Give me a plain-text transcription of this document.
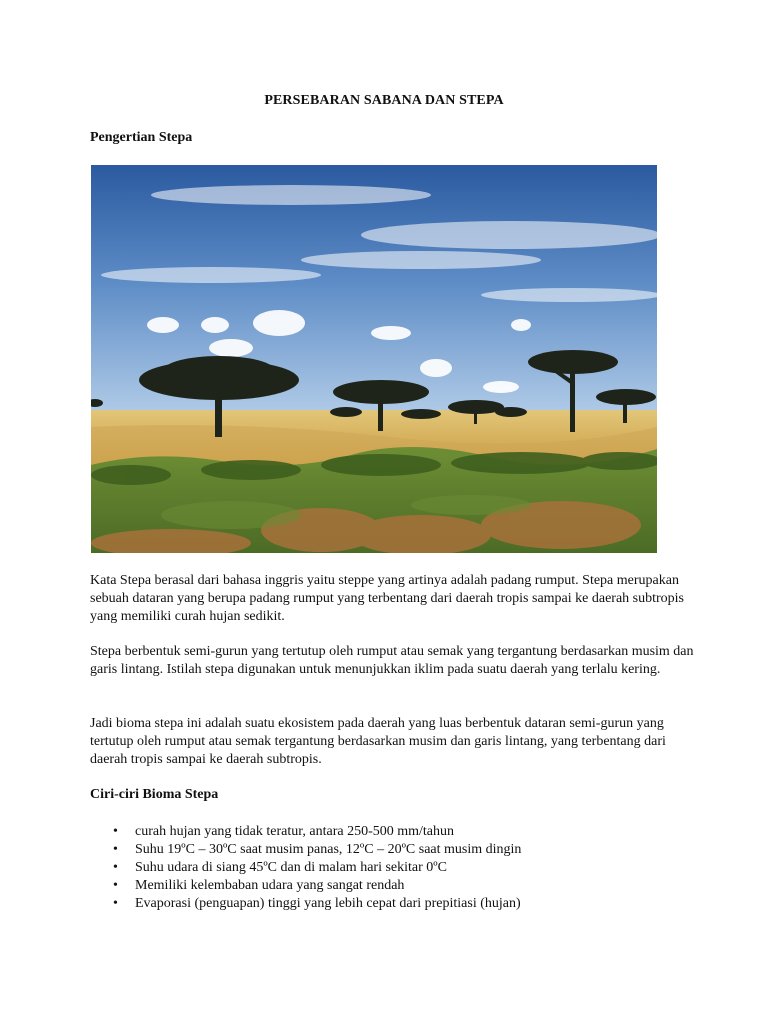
PERSEBARAN SABANA DAN STEPA
Pengertian Stepa

Kata Stepa berasal dari bahasa inggris yaitu steppe yang artinya adalah padang rumput. Stepa merupakan sebuah dataran yang berupa padang rumput yang terbentang dari daerah tropis sampai ke daerah subtropis yang memiliki curah hujan sedikit.

Stepa berbentuk semi-gurun yang tertutup oleh rumput atau semak yang tergantung berdasarkan musim dan garis lintang. Istilah stepa digunakan untuk menunjukkan iklim pada suatu daerah yang terlalu kering.

Jadi bioma stepa ini adalah suatu ekosistem pada daerah yang luas berbentuk dataran semi-gurun yang tertutup oleh rumput atau semak tergantung berdasarkan musim dan garis lintang, yang terbentang dari daerah tropis sampai ke daerah subtropis.

Ciri-ciri Bioma Stepa
• curah hujan yang tidak teratur, antara 250-500 mm/tahun
• Suhu 19ºC – 30ºC saat musim panas, 12ºC – 20ºC saat musim dingin
• Suhu udara di siang 45ºC dan di malam hari sekitar 0ºC
• Memiliki kelembaban udara yang sangat rendah
• Evaporasi (penguapan) tinggi yang lebih cepat dari prepitiasi (hujan)
